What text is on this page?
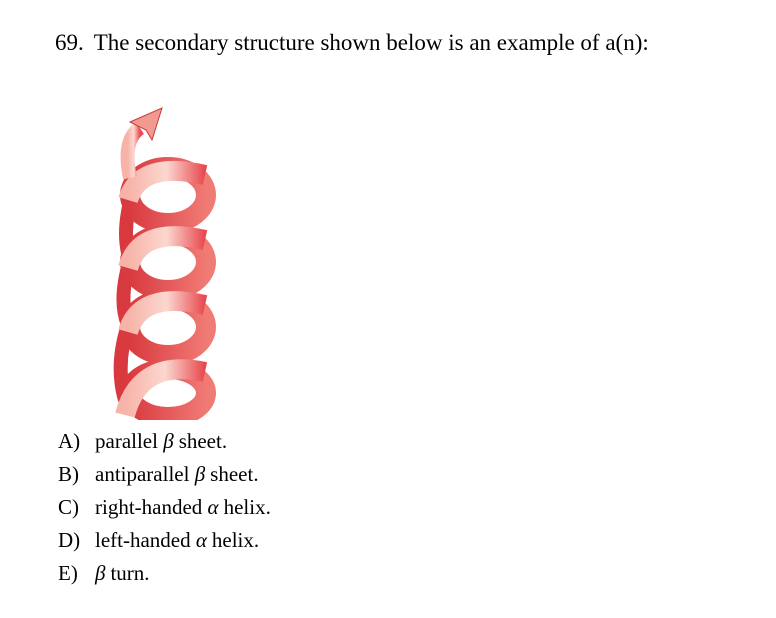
69. The secondary structure shown below is an example of a(n):
A) parallel β sheet.
B) antiparallel β sheet.
C) right-handed α helix.
D) left-handed α helix.
E) β turn.
